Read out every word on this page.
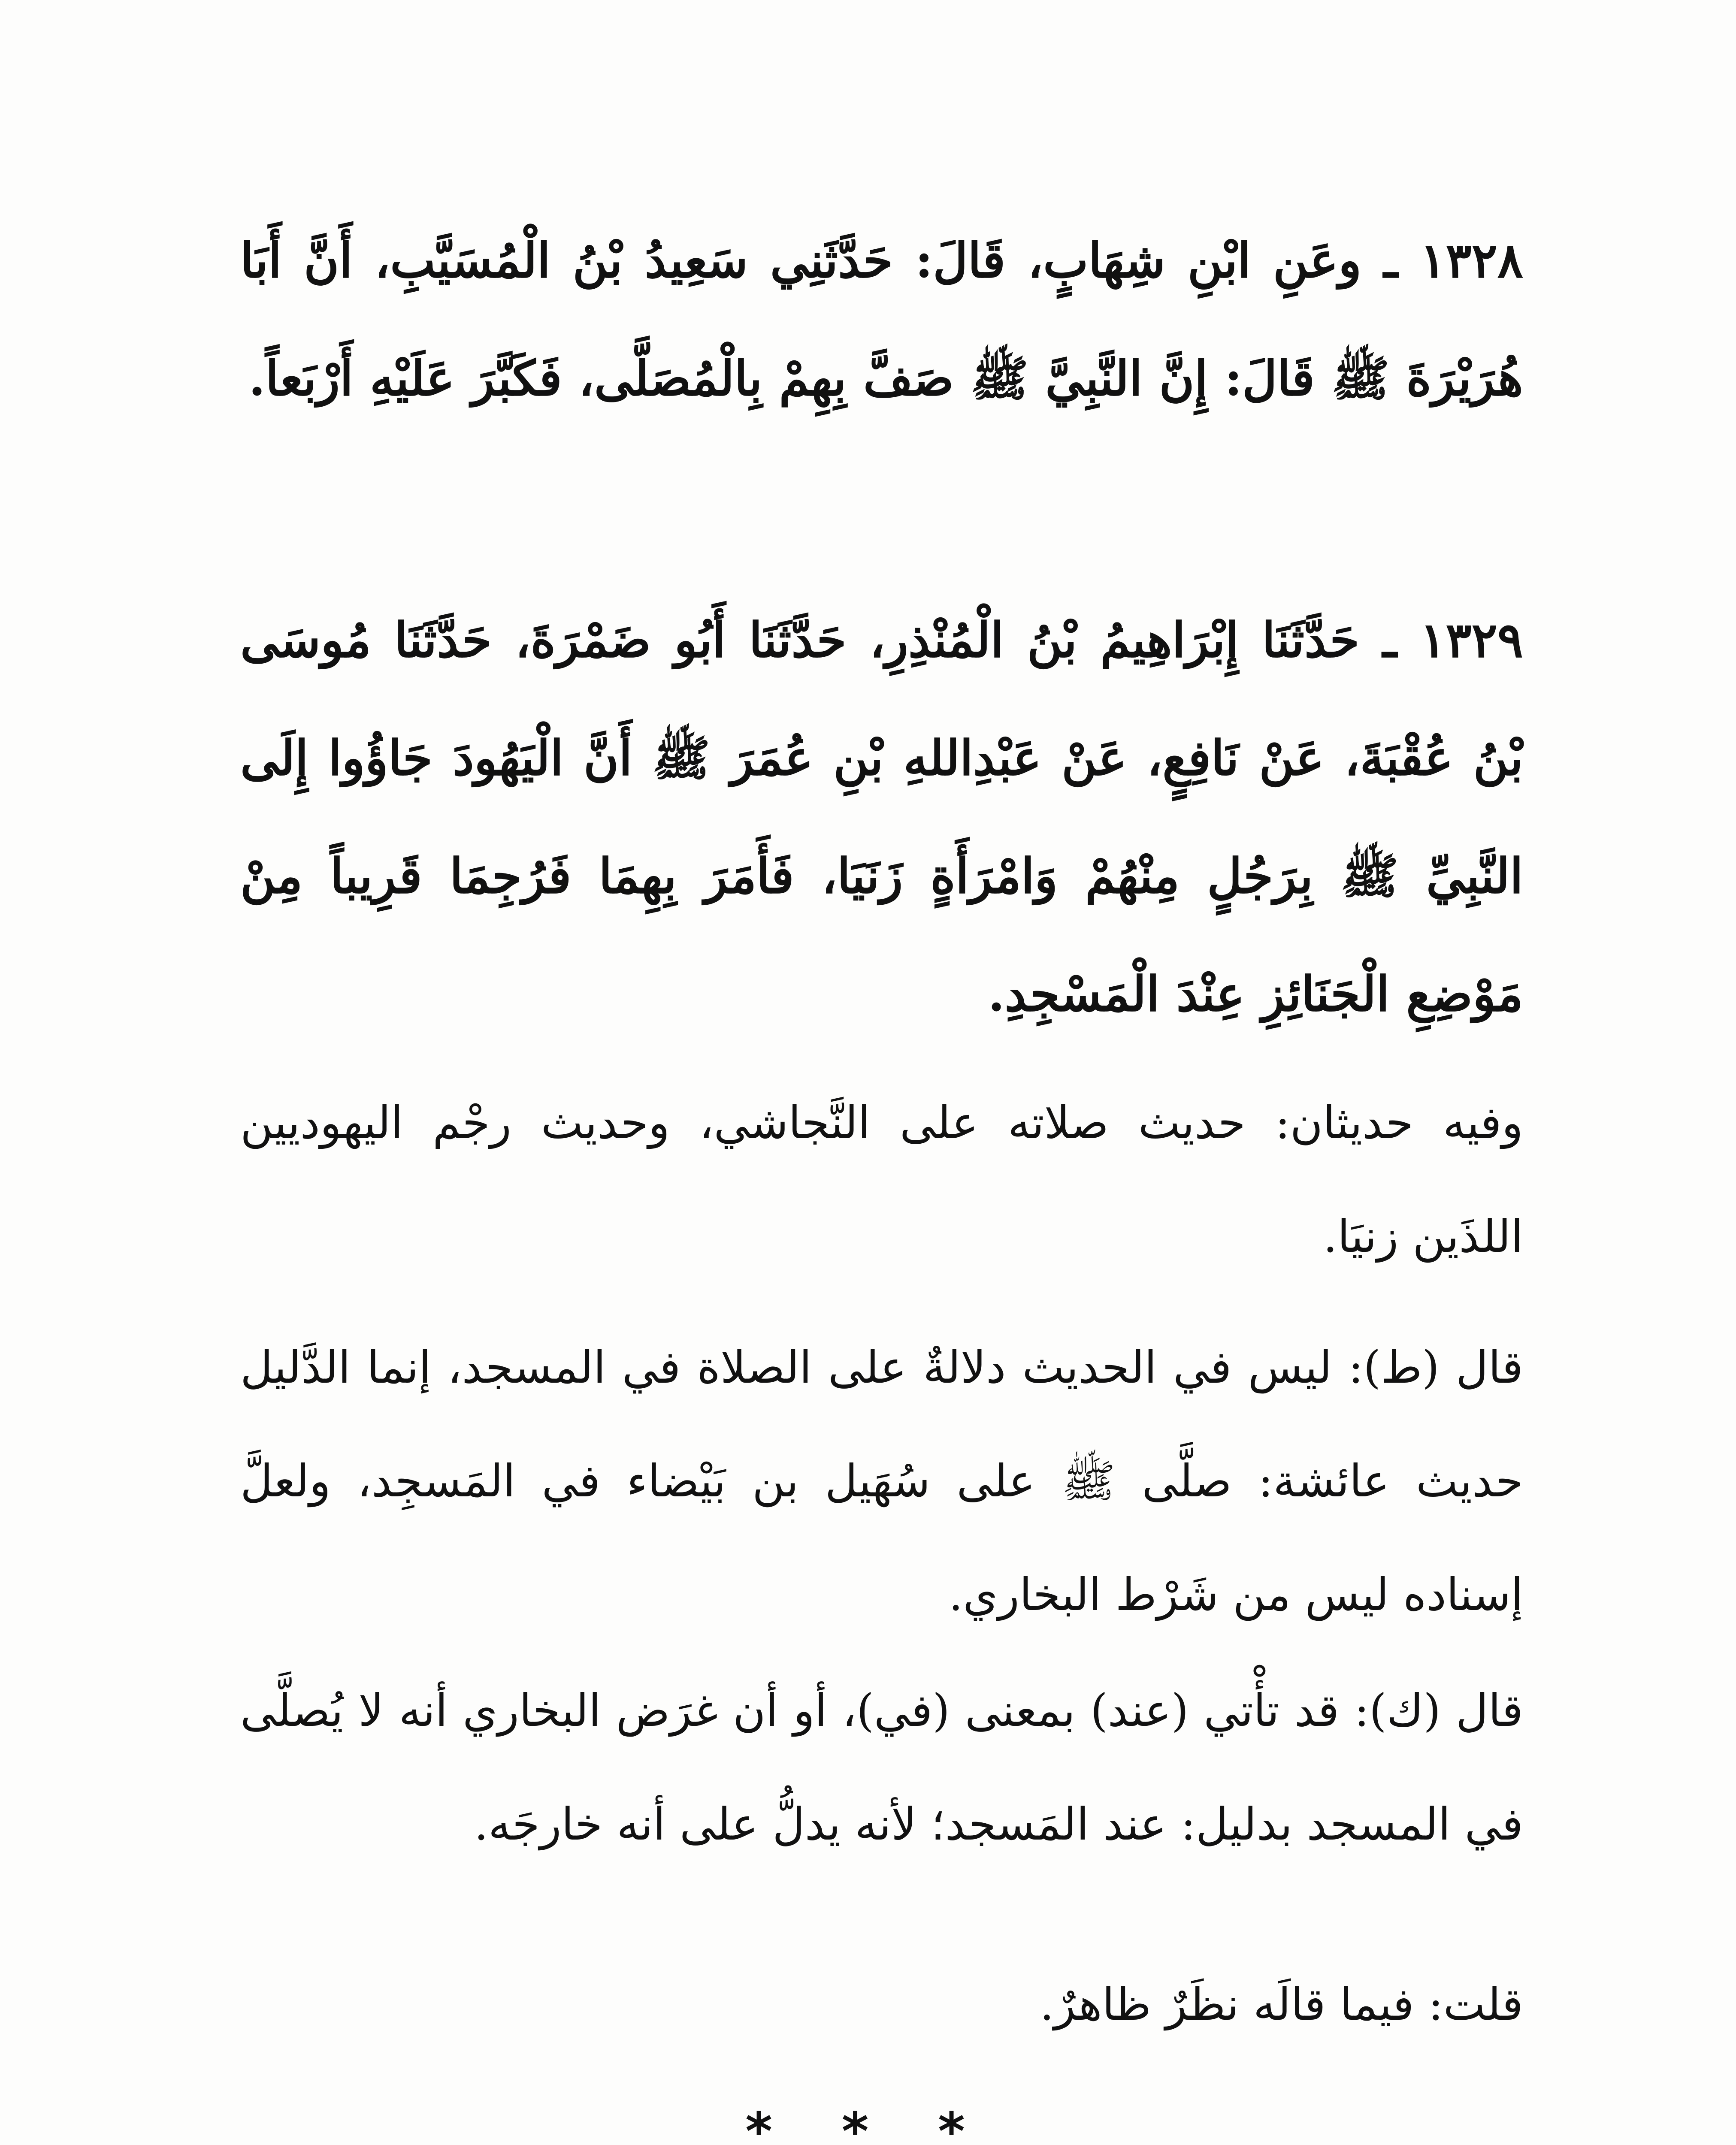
١٣٢٨ ـ وعَنِ ابْنِ شِهَابٍ، قَالَ: حَدَّثَنِي سَعِيدُ بْنُ الْمُسَيَّبِ، أَنَّ أَبَا هُرَيْرَةَ ﷺ قَالَ: إِنَّ النَّبِيَّ ﷺ صَفَّ بِهِمْ بِالْمُصَلَّى، فَكَبَّرَ عَلَيْهِ أَرْبَعاً.
١٣٢٩ ـ حَدَّثَنَا إِبْرَاهِيمُ بْنُ الْمُنْذِرِ، حَدَّثَنَا أَبُو ضَمْرَةَ، حَدَّثَنَا مُوسَى بْنُ عُقْبَةَ، عَنْ نَافِعٍ، عَنْ عَبْدِاللهِ بْنِ عُمَرَ ﷺ أَنَّ الْيَهُودَ جَاؤُوا إِلَى النَّبِيِّ ﷺ بِرَجُلٍ مِنْهُمْ وَامْرَأَةٍ زَنَيَا، فَأَمَرَ بِهِمَا فَرُجِمَا قَرِيباً مِنْ مَوْضِعِ الْجَنَائِزِ عِنْدَ الْمَسْجِدِ.
وفيه حديثان: حديث صلاته على النَّجاشي، وحديث رجْم اليهوديين اللذَين زنيَا.
قال (ط): ليس في الحديث دلالةٌ على الصلاة في المسجد، إنما الدَّليل حديث عائشة: صلَّى ﷺ على سُهَيل بن بَيْضاء في المَسجِد، ولعلَّ إسناده ليس من شَرْط البخاري.
قال (ك): قد تأْتي (عند) بمعنى (في)، أو أن غرَض البخاري أنه لا يُصلَّى في المسجد بدليل: عند المَسجد؛ لأنه يدلُّ على أنه خارجَه.
قلت: فيما قالَه نظَرٌ ظاهرٌ.
* * *
